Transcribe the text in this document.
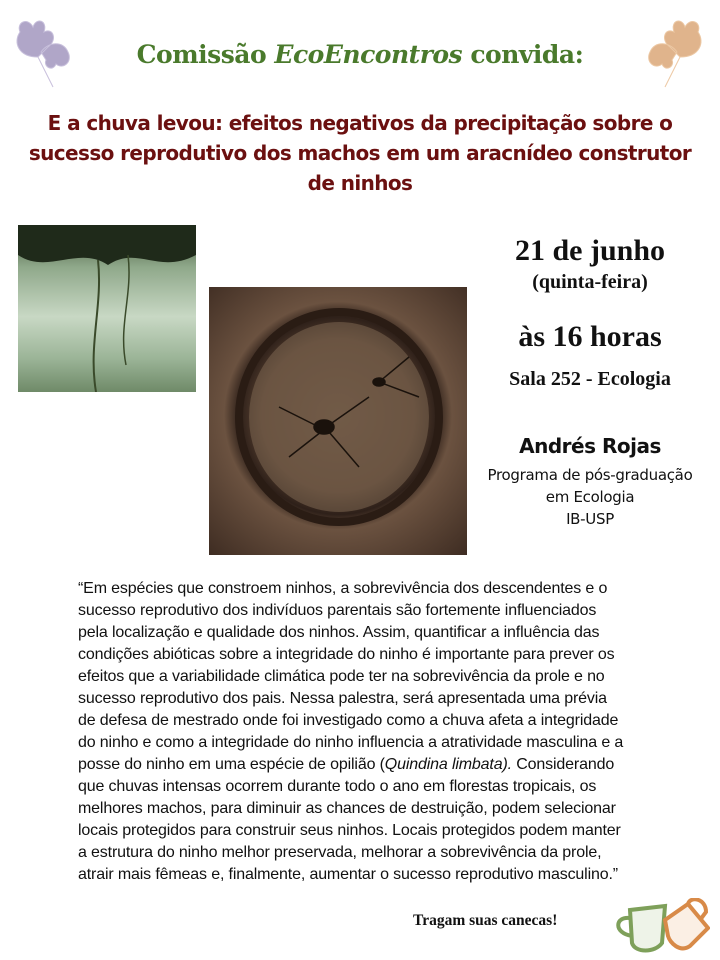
Comissão EcoEncontros convida:
E a chuva levou: efeitos negativos da precipitação sobre o sucesso reprodutivo dos machos em um aracnídeo construtor de ninhos
21 de junho
(quinta-feira)
às 16 horas
Sala 252 - Ecologia
Andrés Rojas
Programa de pós-graduação
em Ecologia
IB-USP
“Em espécies que constroem ninhos, a sobrevivência dos descendentes e o
sucesso reprodutivo dos indivíduos parentais são fortemente influenciados
pela localização e qualidade dos ninhos. Assim, quantificar a influência das
condições abióticas sobre a integridade do ninho é importante para prever os
efeitos que a variabilidade climática pode ter na sobrevivência da prole e no
sucesso reprodutivo dos pais. Nessa palestra, será apresentada uma prévia
de defesa de mestrado onde foi investigado como a chuva afeta a integridade
do ninho e como a integridade do ninho influencia a atratividade masculina e a
posse do ninho em uma espécie de opilião (Quindina limbata). Considerando
que chuvas intensas ocorrem durante todo o ano em florestas tropicais, os
melhores machos, para diminuir as chances de destruição, podem selecionar
locais protegidos para construir seus ninhos. Locais protegidos podem manter
a estrutura do ninho melhor preservada, melhorar a sobrevivência da prole,
atrair mais fêmeas e, finalmente, aumentar o sucesso reprodutivo masculino.”
Tragam suas canecas!
